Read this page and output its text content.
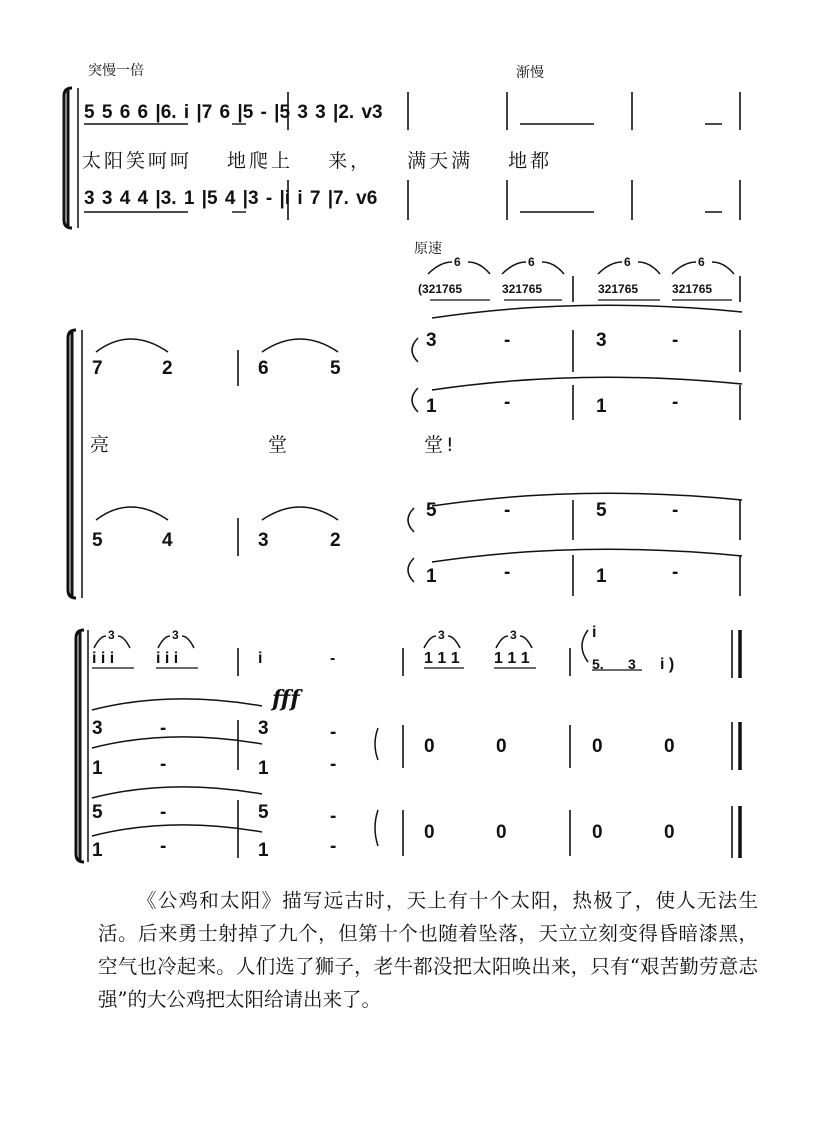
突慢一倍	渐慢
5 5 6 6 |6. i |7 6 |5 - |5 3 3 |2. v3
太阳笑呵呵 地爬上 来， 满天满 地都
3 3 4 4 |3. 1 |5 4 |3 - |i i 7 |7. v6
原速
6	6	6	6
(321765	321765	321765	321765
7	2	6	5
亮	堂	堂!
5	4	3	2
3	-	3	-
1	-	1	-
5	-	5	-
1	-	1	-
3	3	3	3
i i i	i i i	i	-	1 1 1 1 1 1
i
5. 3 i )
fff
3	-	3	-
1	-	1	-
5	-	5	-
1	-	1	-
0	0	0	0
0	0	0	0
《公鸡和太阳》描写远古时，天上有十个太阳，热极了，使人无法生活。后来勇士射掉了九个，但第十个也随着坠落，天立立刻变得昏暗漆黑，空气也冷起来。人们选了狮子，老牛都没把太阳唤出来，只有“艰苦勤劳意志强”的大公鸡把太阳给请出来了。
